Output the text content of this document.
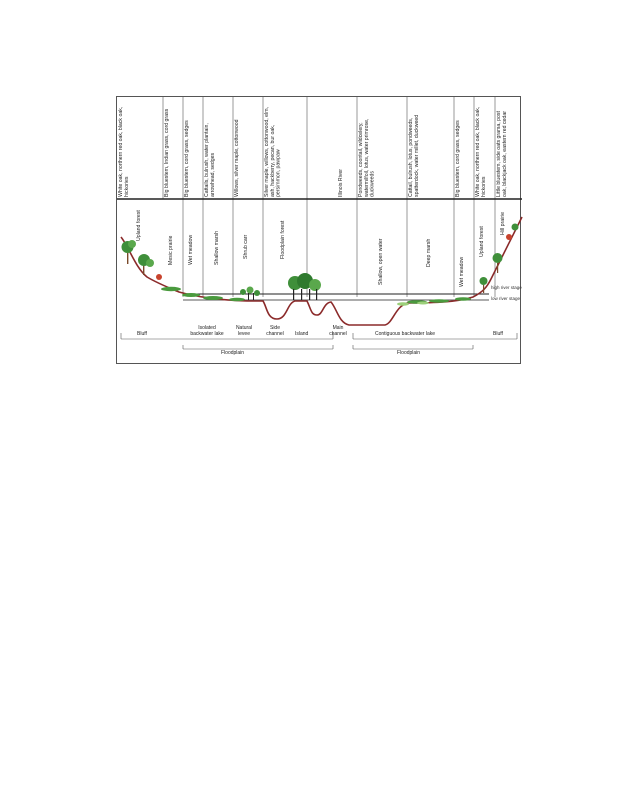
White oak, northern red oak, black oak, hickories	Big bluestem, Indian grass, cord grass	Big bluestem, cord grass, sedges	Cattails, bulrush, water plantain, arrowhead, sedges	Willows, silver maple, cottonwood	Silver maple, willows, cottonwood, elm, ash, hackberry, pecan, bur oak, persimmon, pawpaw	Pondweeds, coontail, wildcelery, watermilfoil, lotus, water primrose, duckweeds	Cattail, bulrush, lotus, pondweeds, spatterdock, water millet, duckweed	Big bluestem, cord grass, sedges	White oak, northern red oak, black oak, hickories	Little bluestem, side oats grama, post oak, blackjack oak, eastern red cedar
Upland forest
Mesic prairie	Wet meadow	Shallow marsh	Shrub carr	Floodplain forest
Illinois River
Shallow, open water	Deep marsh
Wet meadow
Upland forest
Hill prairie
high river stage
low river stage
Bluff
Isolated backwater lake
Natural levee
Side channel Island
Main channel	Contiguous backwater lake	Bluff
Floodplain	Floodplain
